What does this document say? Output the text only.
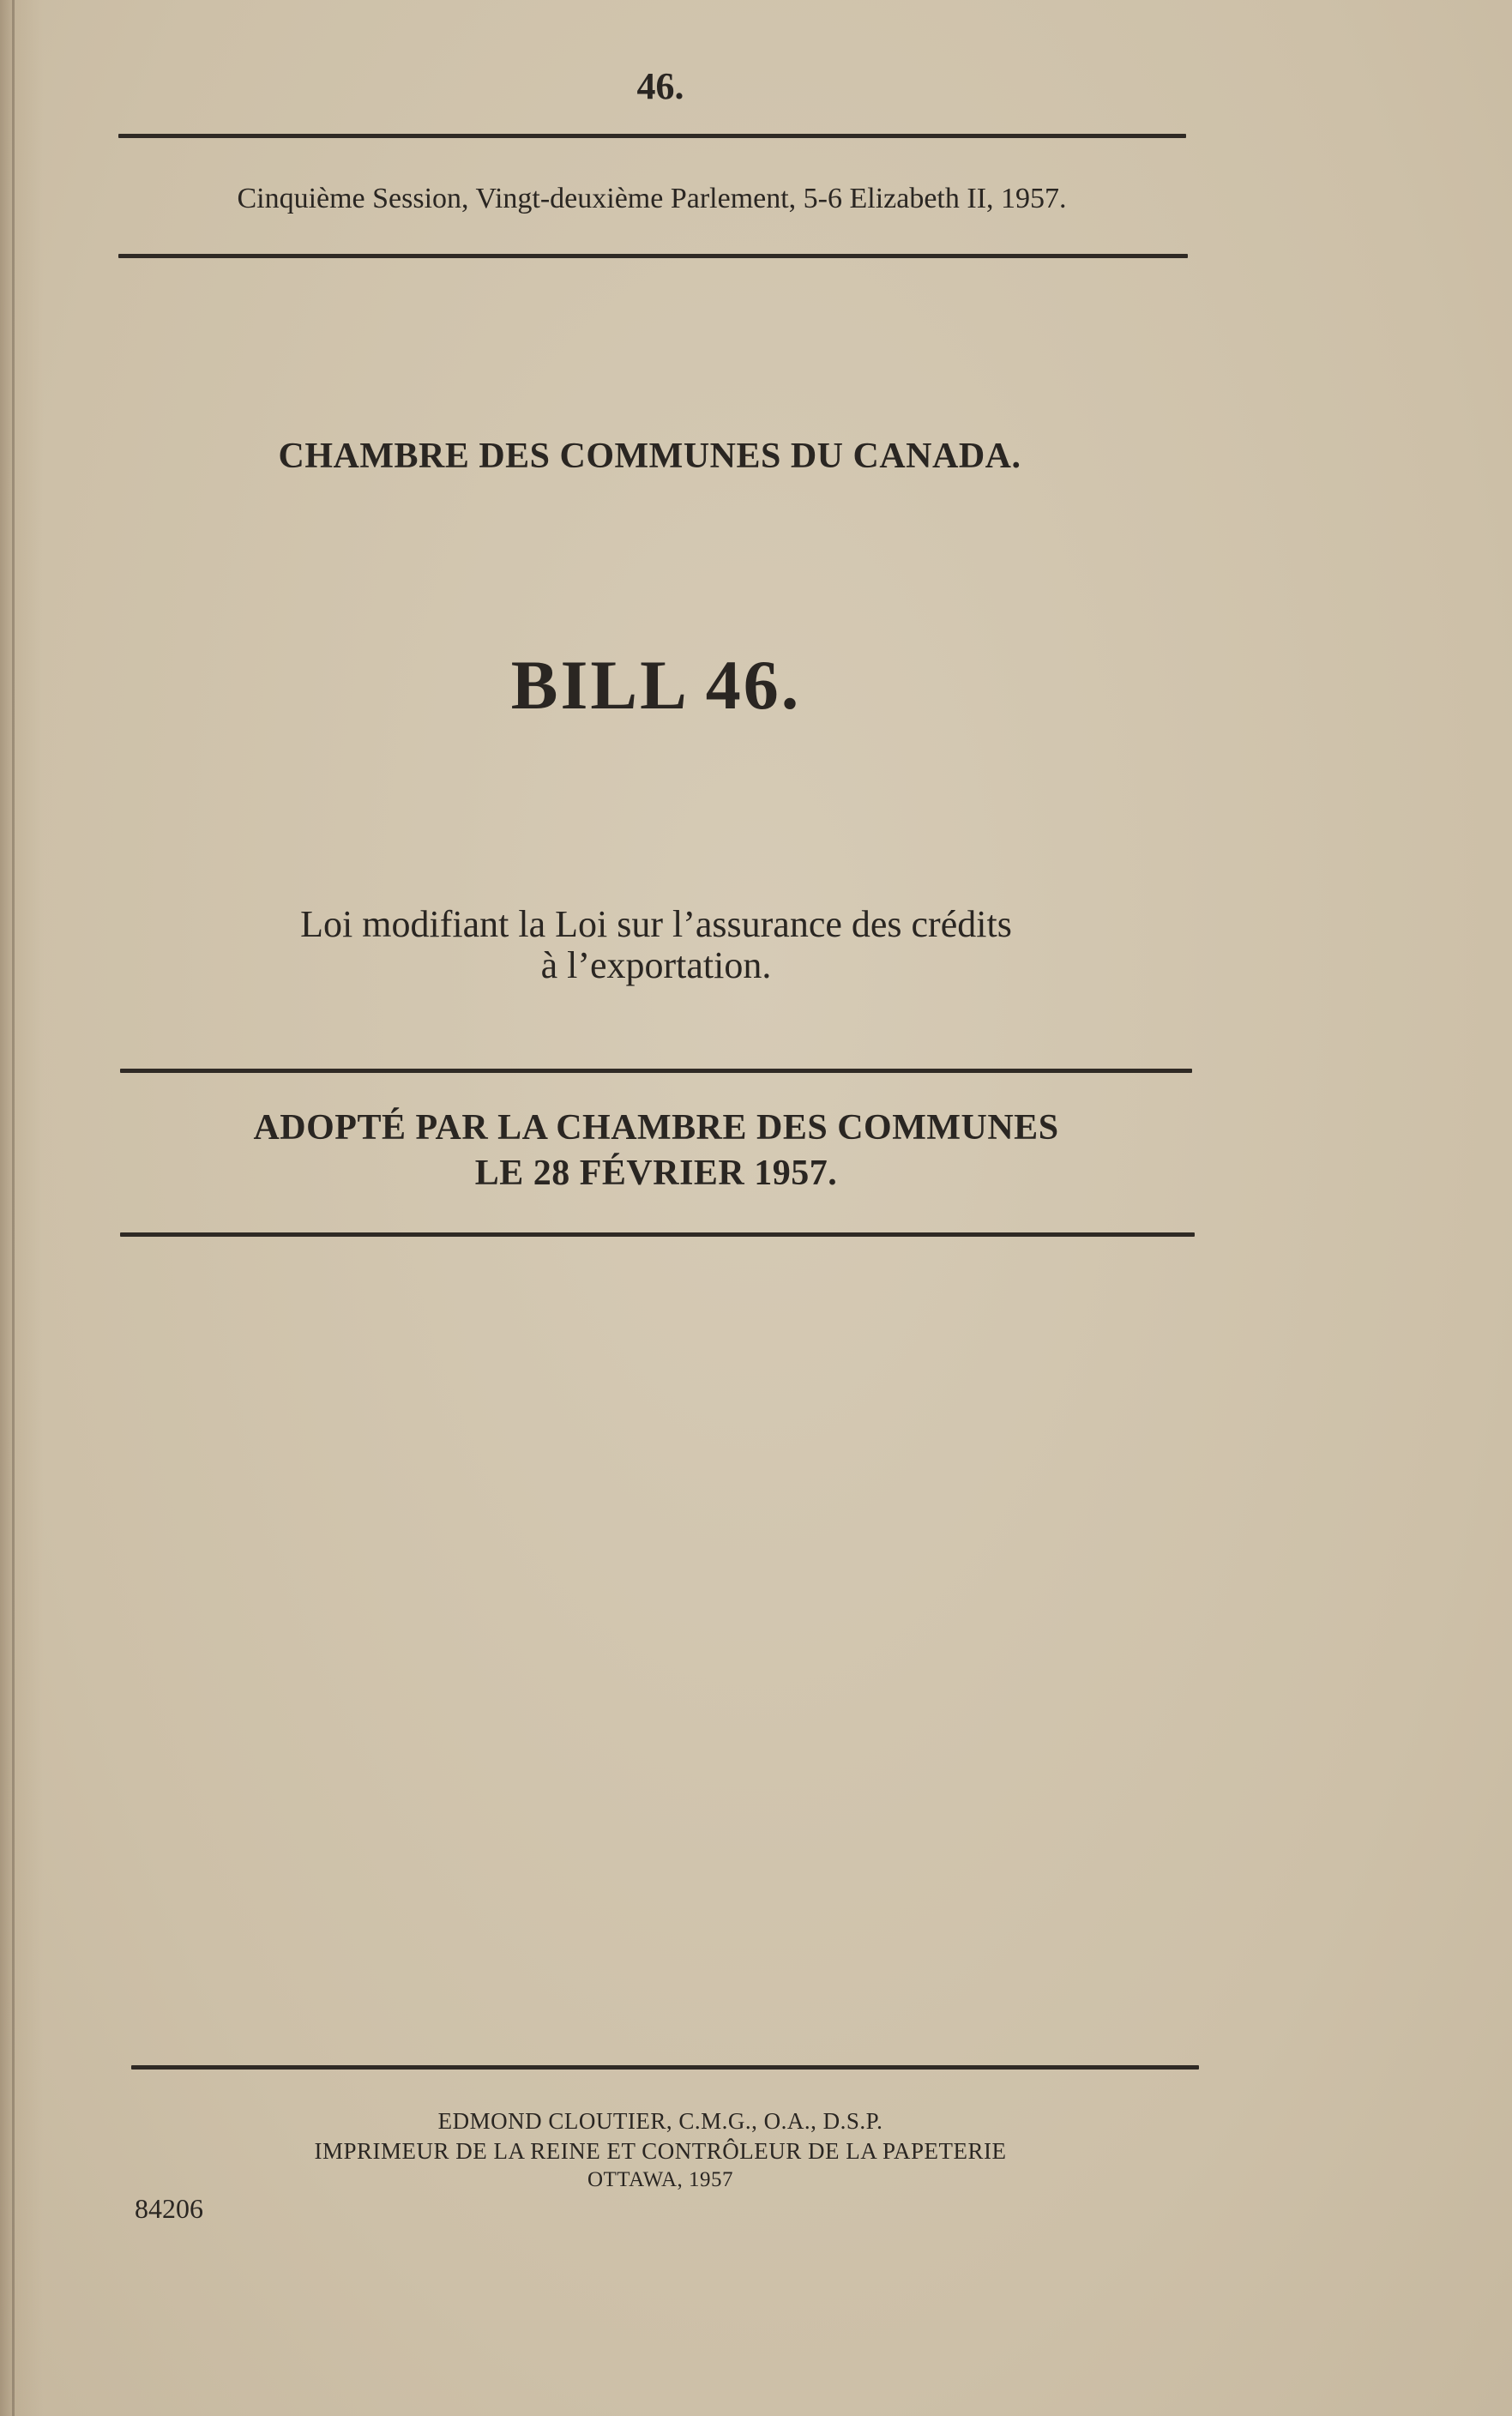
46.
Cinquième Session, Vingt-deuxième Parlement, 5-6 Elizabeth II, 1957.
CHAMBRE DES COMMUNES DU CANADA.
BILL 46.
Loi modifiant la Loi sur l’assurance des crédits
à l’exportation.
ADOPTÉ PAR LA CHAMBRE DES COMMUNES
LE 28 FÉVRIER 1957.
EDMOND CLOUTIER, C.M.G., O.A., D.S.P.
IMPRIMEUR DE LA REINE ET CONTRÔLEUR DE LA PAPETERIE
OTTAWA, 1957
84206
